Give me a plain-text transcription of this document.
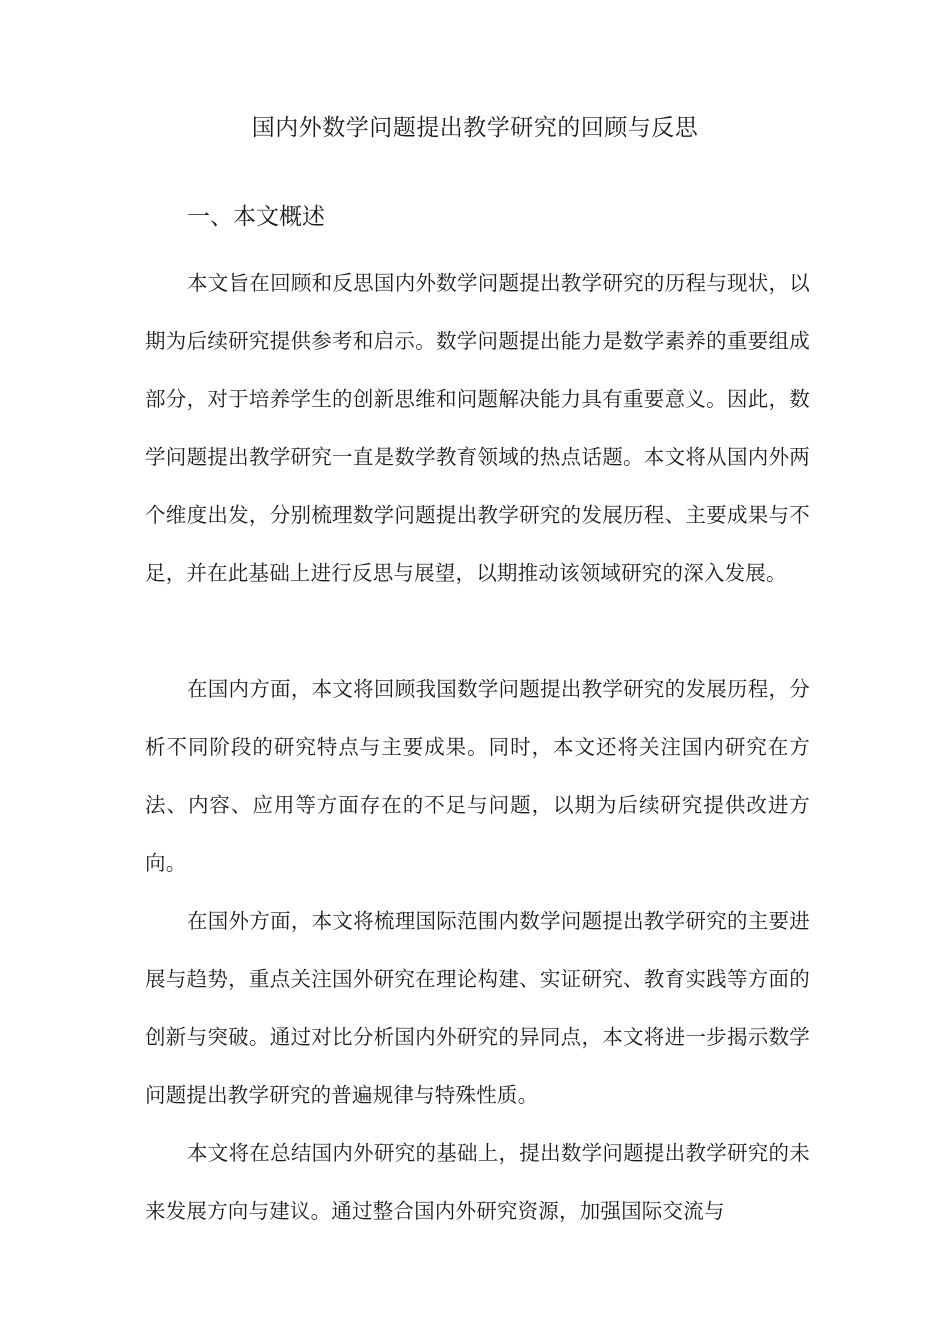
国内外数学问题提出教学研究的回顾与反思
一、本文概述

本文旨在回顾和反思国内外数学问题提出教学研究的历程与现状，以期为后续研究提供参考和启示。数学问题提出能力是数学素养的重要组成部分，对于培养学生的创新思维和问题解决能力具有重要意义。因此，数学问题提出教学研究一直是数学教育领域的热点话题。本文将从国内外两个维度出发，分别梳理数学问题提出教学研究的发展历程、主要成果与不足，并在此基础上进行反思与展望，以期推动该领域研究的深入发展。

在国内方面，本文将回顾我国数学问题提出教学研究的发展历程，分析不同阶段的研究特点与主要成果。同时，本文还将关注国内研究在方法、内容、应用等方面存在的不足与问题，以期为后续研究提供改进方向。

在国外方面，本文将梳理国际范围内数学问题提出教学研究的主要进展与趋势，重点关注国外研究在理论构建、实证研究、教育实践等方面的创新与突破。通过对比分析国内外研究的异同点，本文将进一步揭示数学问题提出教学研究的普遍规律与特殊性质。

本文将在总结国内外研究的基础上，提出数学问题提出教学研究的未来发展方向与建议。通过整合国内外研究资源，加强国际交流与
